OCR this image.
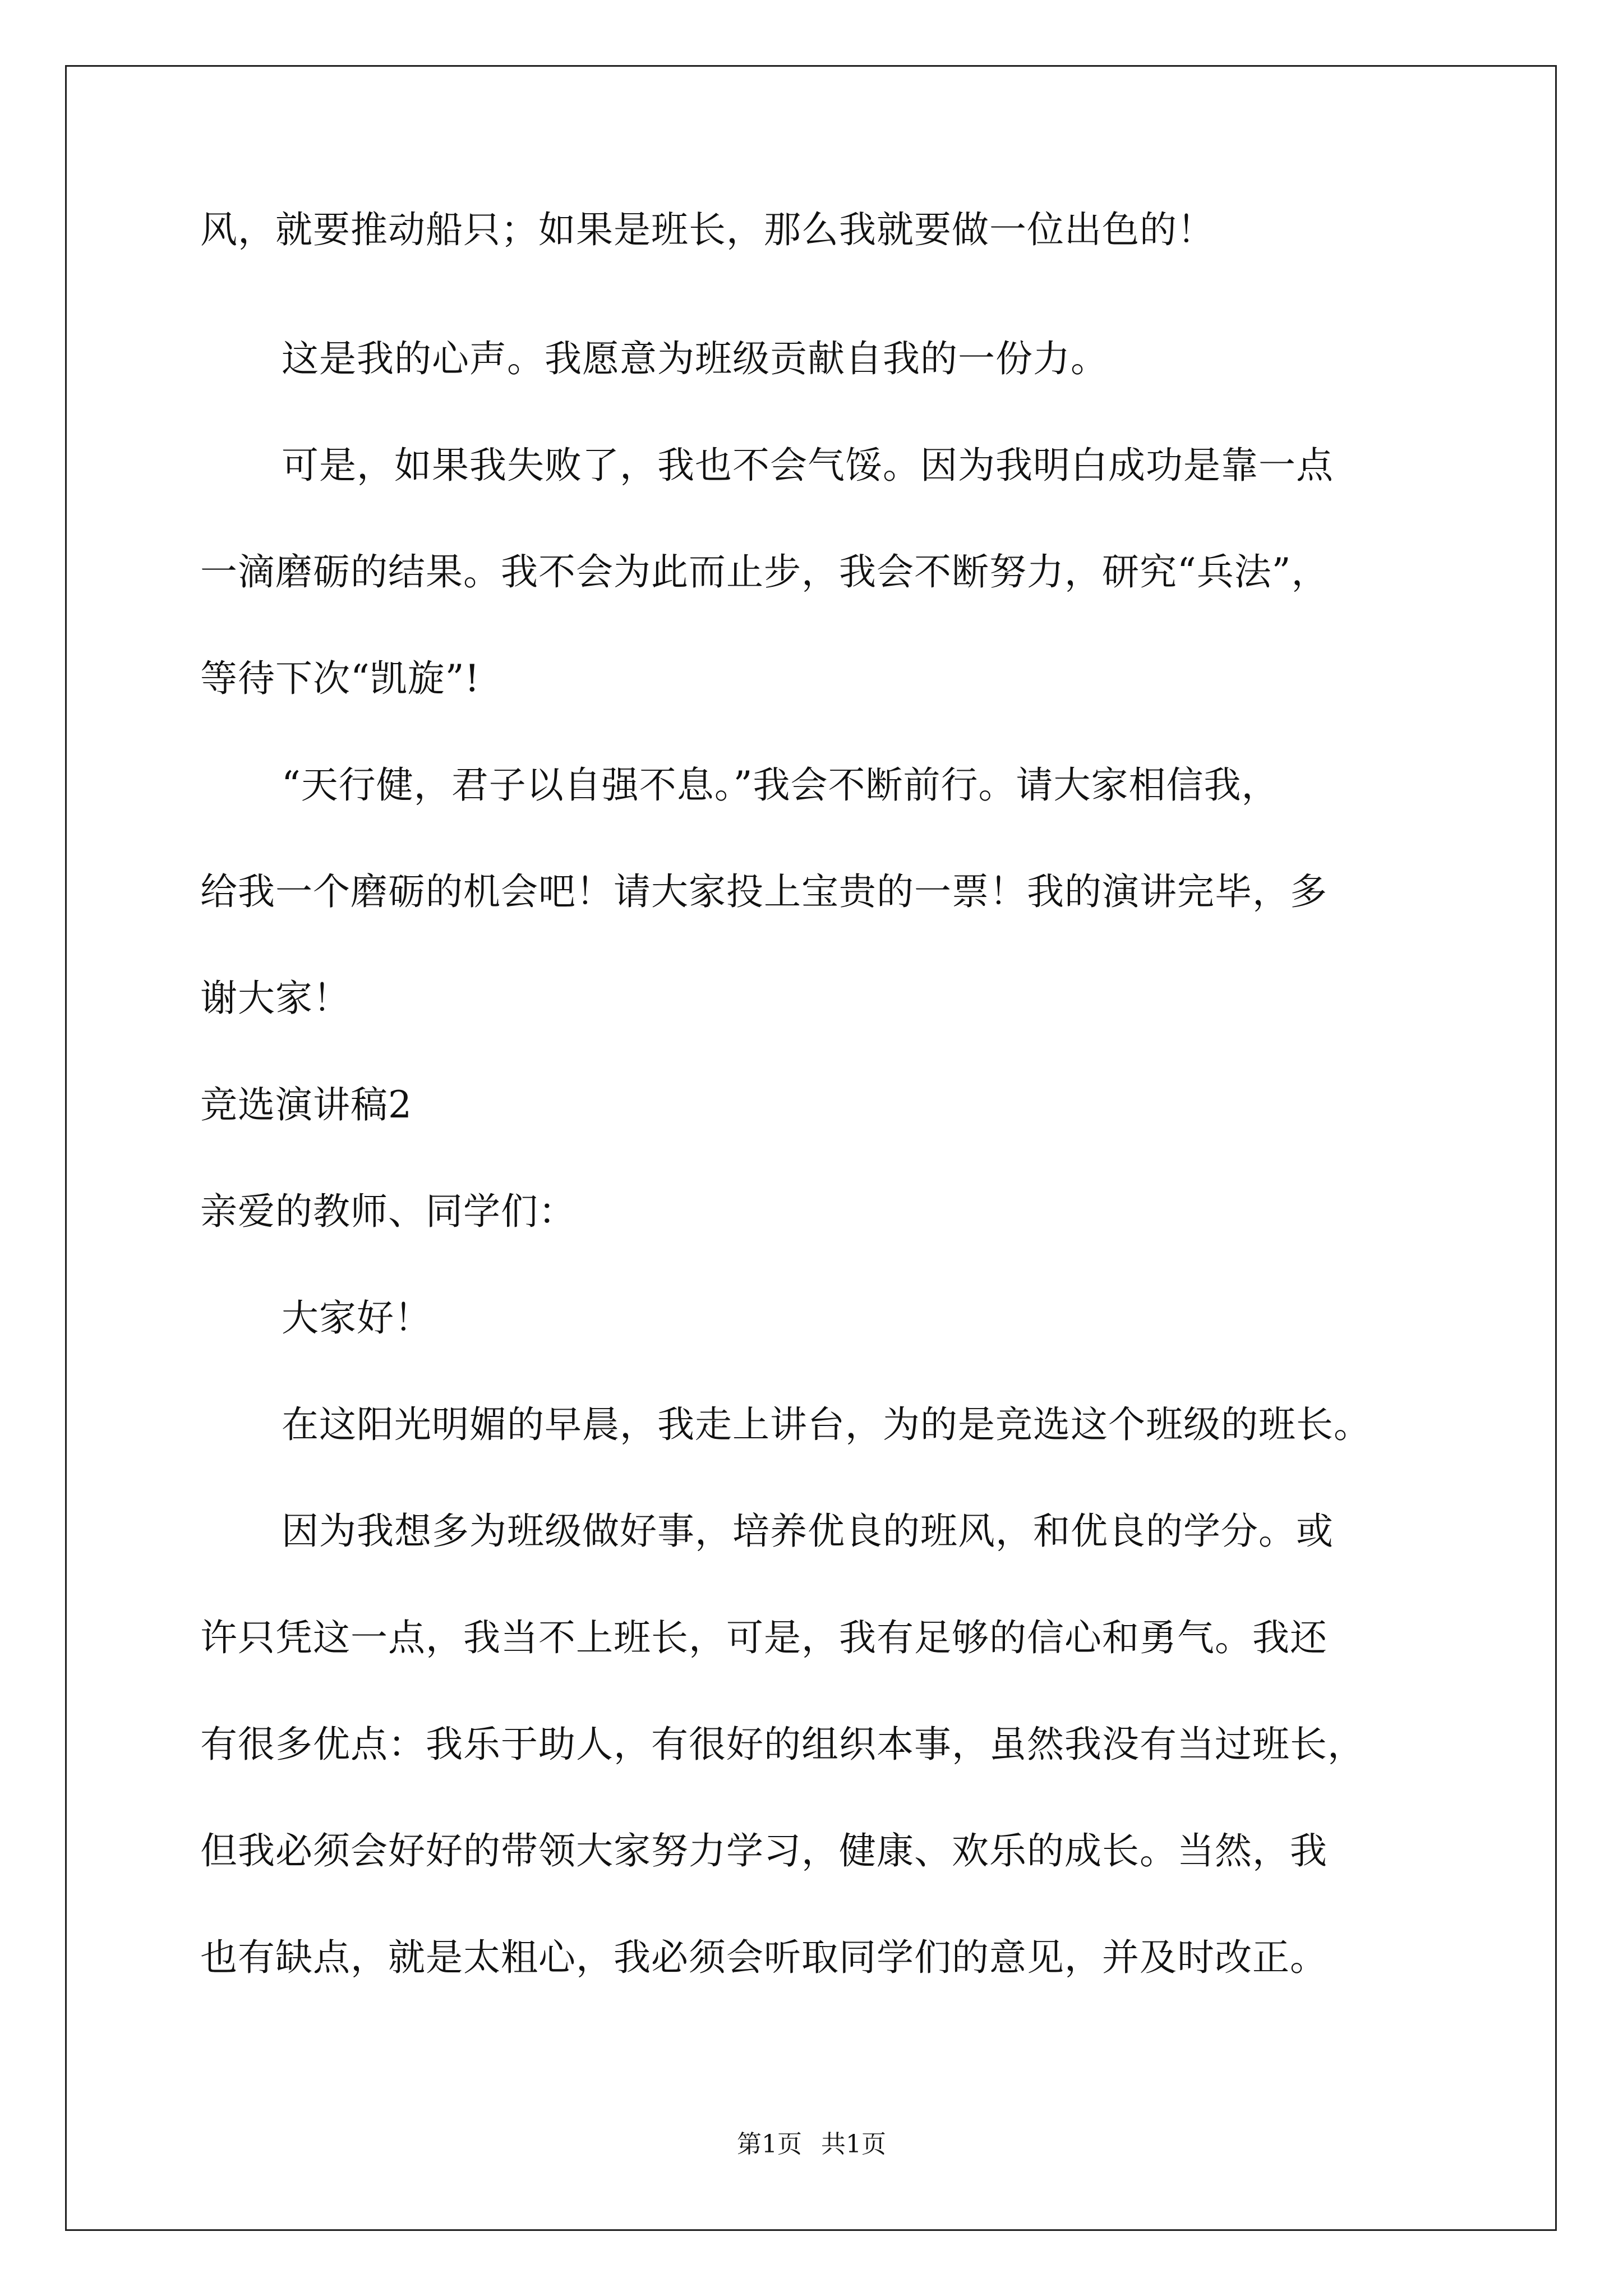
风，就要推动船只；如果是班长，那么我就要做一位出色的！
这是我的心声。我愿意为班级贡献自我的一份力。
可是，如果我失败了，我也不会气馁。因为我明白成功是靠一点
一滴磨砺的结果。我不会为此而止步，我会不断努力，研究“兵法”，
等待下次“凯旋”!
“天行健，君子以自强不息。”我会不断前行。请大家相信我，
给我一个磨砺的机会吧！请大家投上宝贵的一票！我的演讲完毕，多
谢大家！
竞选演讲稿2
亲爱的教师、同学们：
大家好！
在这阳光明媚的早晨，我走上讲台，为的是竞选这个班级的班长。
因为我想多为班级做好事，培养优良的班风，和优良的学分。或
许只凭这一点，我当不上班长，可是，我有足够的信心和勇气。我还
有很多优点：我乐于助人，有很好的组织本事，虽然我没有当过班长，
但我必须会好好的带领大家努力学习，健康、欢乐的成长。当然，我
也有缺点，就是太粗心，我必须会听取同学们的意见，并及时改正。
第1页 共1页
